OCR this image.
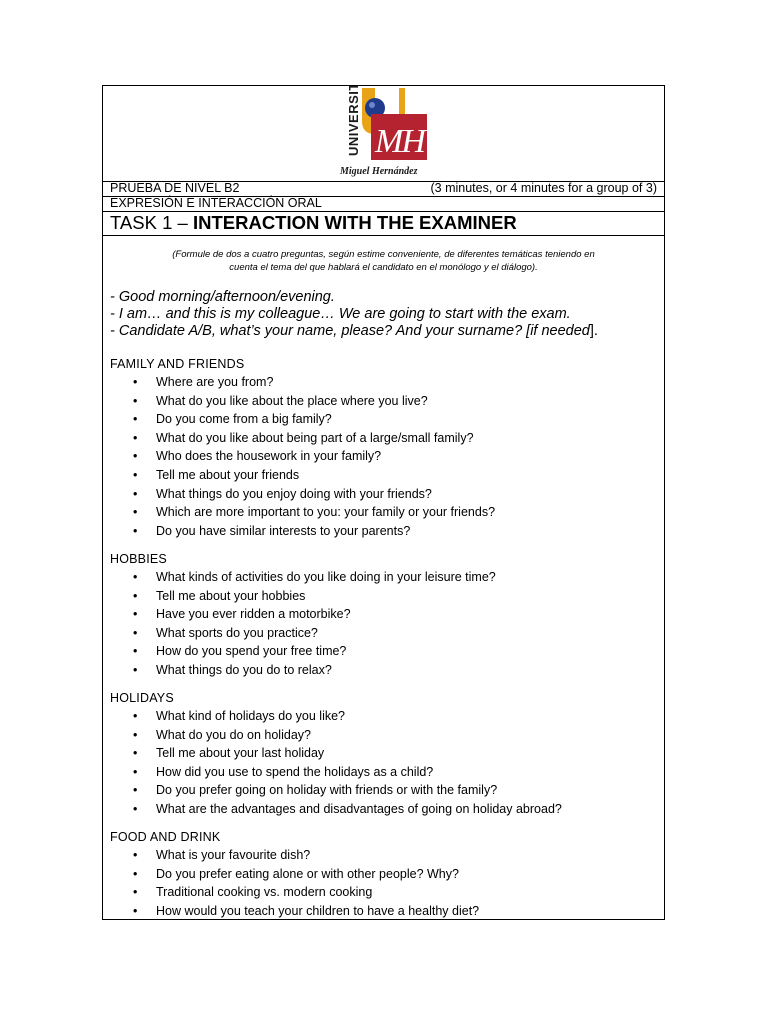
UNIVERSITAS MH
Miguel Hernández
PRUEBA DE NIVEL B2	(3 minutes, or 4 minutes for a group of 3)
EXPRESIÓN E INTERACCIÓN ORAL
TASK 1 – INTERACTION WITH THE EXAMINER
(Formule de dos a cuatro preguntas, según estime conveniente, de diferentes temáticas teniendo en
cuenta el tema del que hablará el candidato en el monólogo y el diálogo).
- Good morning/afternoon/evening.
- I am… and this is my colleague… We are going to start with the exam.
- Candidate A/B, what’s your name, please? And your surname? [if needed].
FAMILY AND FRIENDS
• Where are you from?
• What do you like about the place where you live?
• Do you come from a big family?
• What do you like about being part of a large/small family?
• Who does the housework in your family?
• Tell me about your friends
• What things do you enjoy doing with your friends?
• Which are more important to you: your family or your friends?
• Do you have similar interests to your parents?
HOBBIES
• What kinds of activities do you like doing in your leisure time?
• Tell me about your hobbies
• Have you ever ridden a motorbike?
• What sports do you practice?
• How do you spend your free time?
• What things do you do to relax?
HOLIDAYS
• What kind of holidays do you like?
• What do you do on holiday?
• Tell me about your last holiday
• How did you use to spend the holidays as a child?
• Do you prefer going on holiday with friends or with the family?
• What are the advantages and disadvantages of going on holiday abroad?
FOOD AND DRINK
• What is your favourite dish?
• Do you prefer eating alone or with other people? Why?
• Traditional cooking vs. modern cooking
• How would you teach your children to have a healthy diet?
